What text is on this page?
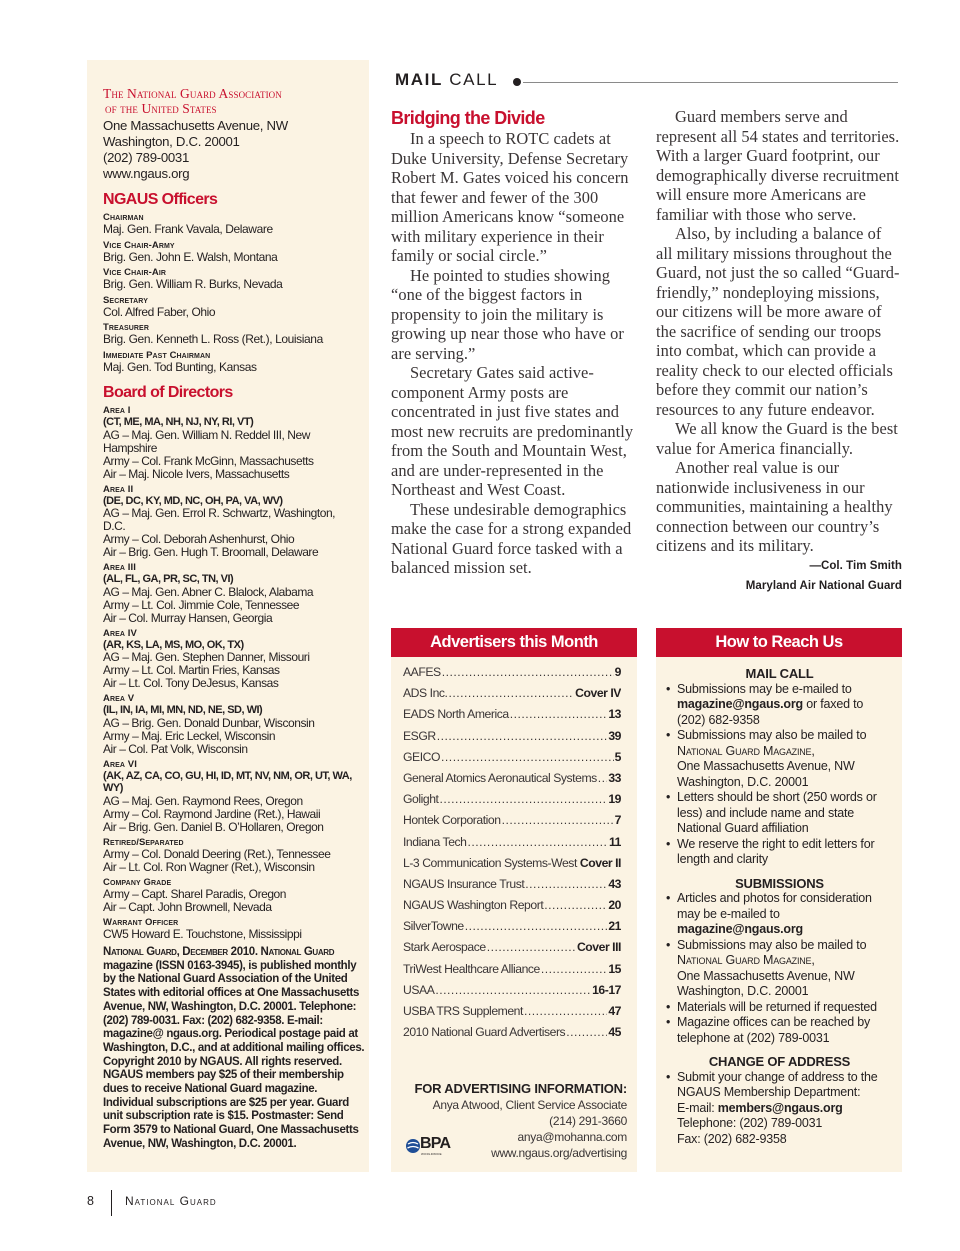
MAIL CALL
The National Guard Association
of the United States
One Massachusetts Avenue, NW
Washington, D.C. 20001
(202) 789-0031
www.ngaus.org
NGAUS Officers
Chairman
Maj. Gen. Frank Vavala, Delaware
Vice Chair-Army
Brig. Gen. John E. Walsh, Montana
Vice Chair-Air
Brig. Gen. William R. Burks, Nevada
Secretary
Col. Alfred Faber, Ohio
Treasurer
Brig. Gen. Kenneth L. Ross (Ret.), Louisiana
Immediate Past Chairman
Maj. Gen. Tod Bunting, Kansas
Board of Directors
Area I
(CT, ME, MA, NH, NJ, NY, RI, VT)
AG – Maj. Gen. William N. Reddel III, New Hampshire
Army – Col. Frank McGinn, Massachusetts
Air – Maj. Nicole Ivers, Massachusetts
Area II
(DE, DC, KY, MD, NC, OH, PA, VA, WV)
AG – Maj. Gen. Errol R. Schwartz, Washington, D.C.
Army – Col. Deborah Ashenhurst, Ohio
Air – Brig. Gen. Hugh T. Broomall, Delaware
Area III
(AL, FL, GA, PR, SC, TN, VI)
AG – Maj. Gen. Abner C. Blalock, Alabama
Army – Lt. Col. Jimmie Cole, Tennessee
Air – Col. Murray Hansen, Georgia
Area IV
(AR, KS, LA, MS, MO, OK, TX)
AG – Maj. Gen. Stephen Danner, Missouri
Army – Lt. Col. Martin Fries, Kansas
Air – Lt. Col. Tony DeJesus, Kansas
Area V
(IL, IN, IA, MI, MN, ND, NE, SD, WI)
AG – Brig. Gen. Donald Dunbar, Wisconsin
Army – Maj. Eric Leckel, Wisconsin
Air – Col. Pat Volk, Wisconsin
Area VI
(AK, AZ, CA, CO, GU, HI, ID, MT, NV, NM, OR, UT, WA, WY)
AG – Maj. Gen. Raymond Rees, Oregon
Army – Col. Raymond Jardine (Ret.), Hawaii
Air – Brig. Gen. Daniel B. O’Hollaren, Oregon
Retired/Separated
Army – Col. Donald Deering (Ret.), Tennessee
Air – Lt. Col. Ron Wagner (Ret.), Wisconsin
Company Grade
Army – Capt. Sharel Paradis, Oregon
Air – Capt. John Brownell, Nevada
Warrant Officer
CW5 Howard E. Touchstone, Mississippi
National Guard, December 2010. National Guard magazine (ISSN 0163-3945), is published monthly by the National Guard Association of the United States with editorial offices at One Massachusetts Avenue, NW, Washington, D.C. 20001. Telephone: (202) 789-0031. Fax: (202) 682-9358. E-mail: magazine@ ngaus.org. Periodical postage paid at Washington, D.C., and at additional mailing offices. Copyright 2010 by NGAUS. All rights reserved. NGAUS members pay $25 of their membership dues to receive National Guard magazine. Individual subscriptions are $25 per year. Guard unit subscription rate is $15. Postmaster: Send Form 3579 to National Guard, One Massachusetts Avenue, NW, Washington, D.C. 20001.
Bridging the Divide

In a speech to ROTC cadets at Duke University, Defense Secretary Robert M. Gates voiced his concern that fewer and fewer of the 300 million Americans know “someone with military experience in their family or social circle.”

He pointed to studies showing “one of the biggest factors in propensity to join the military is growing up near those who have or are serving.”

Secretary Gates said active-component Army posts are concentrated in just five states and most new recruits are predominantly from the South and Mountain West, and are under-represented in the Northeast and West Coast.

These undesirable demographics make the case for a strong expanded National Guard force tasked with a balanced mission set.

Guard members serve and represent all 54 states and territories. With a larger Guard footprint, our demographically diverse recruitment will ensure more Americans are familiar with those who serve.

Also, by including a balance of all military missions throughout the Guard, not just the so called “Guard-friendly,” nondeploying missions, our citizens will be more aware of the sacrifice of sending our troops into combat, which can provide a reality check to our elected officials before they commit our nation’s resources to any future endeavor.

We all know the Guard is the best value for America financially.

Another real value is our nationwide inclusiveness in our communities, maintaining a healthy connection between our country’s citizens and its military.

—Col. Tim Smith
Maryland Air National Guard
Advertisers this Month
AAFES .....	9
ADS Inc. .....	Cover IV
EADS North America .....	13
ESGR .....	39
GEICO .....	5
General Atomics Aeronautical Systems ..... 33
Golight .....	19
Hontek Corporation .....	7
Indiana Tech .....	11
L-3 Communication Systems-West ..... Cover II
NGAUS Insurance Trust .....	43
NGAUS Washington Report .....	20
SilverTowne .....	21
Stark Aerospace .....	Cover III
TriWest Healthcare Alliance .....	15
USAA .....	16-17
USBA TRS Supplement .....	47
2010 National Guard Advertisers .....	45
FOR ADVERTISING INFORMATION:
Anya Atwood, Client Service Associate
(214) 291-3660
anya@mohanna.com
www.ngaus.org/advertising
BPA
WORLDWIDE
How to Reach Us
MAIL CALL
• Submissions may be e-mailed to magazine@ngaus.org or faxed to (202) 682-9358
• Submissions may also be mailed to
National Guard Magazine,
One Massachusetts Avenue, NW
Washington, D.C. 20001
• Letters should be short (250 words or less) and include name and state National Guard affiliation
• We reserve the right to edit letters for length and clarity
SUBMISSIONS
• Articles and photos for consideration may be e-mailed to
magazine@ngaus.org
• Submissions may also be mailed to
National Guard Magazine,
One Massachusetts Avenue, NW
Washington, D.C. 20001
• Materials will be returned if requested
• Magazine offices can be reached by telephone at (202) 789-0031
CHANGE OF ADDRESS
• Submit your change of address to the NGAUS Membership Department:
E-mail: members@ngaus.org
Telephone: (202) 789-0031
Fax: (202) 682-9358
8	National Guard
